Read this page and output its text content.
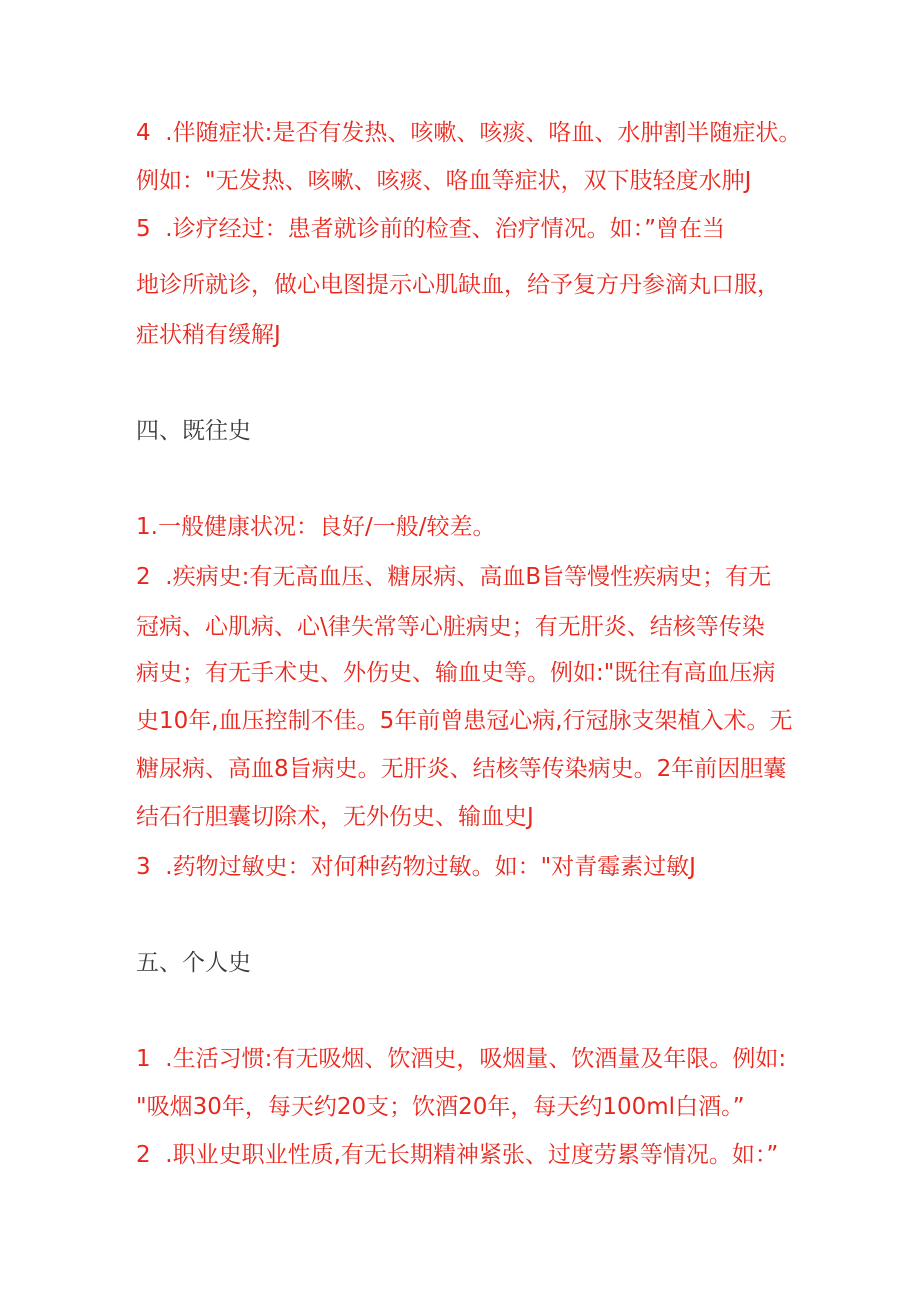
4  .伴随症状:是否有发热、咳嗽、咳痰、咯血、水肿割半随症状。
例如："无发热、咳嗽、咳痰、咯血等症状，双下肢轻度水肿J
5  .诊疗经过：患者就诊前的检查、治疗情况。如：”曾在当
地诊所就诊，做心电图提示心肌缺血，给予复方丹参滴丸口服，
症状稍有缓解J
四、既往史
1.一般健康状况：良好/一般/较差。
2  .疾病史:有无高血压、糖尿病、高血B旨等慢性疾病史；有无
冠病、心肌病、心\律失常等心脏病史；有无肝炎、结核等传染
病史；有无手术史、外伤史、输血史等。例如:"既往有高血压病
史10年,血压控制不佳。5年前曾患冠心病,行冠脉支架植入术。无
糖尿病、高血8旨病史。无肝炎、结核等传染病史。2年前因胆囊
结石行胆囊切除术，无外伤史、输血史J
3  .药物过敏史：对何种药物过敏。如："对青霉素过敏J
五、个人史
1  .生活习惯:有无吸烟、饮酒史，吸烟量、饮酒量及年限。例如:
"吸烟30年，每天约20支；饮酒20年，每天约100ml白酒。”
2  .职业史职业性质,有无长期精神紧张、过度劳累等情况。如：”
